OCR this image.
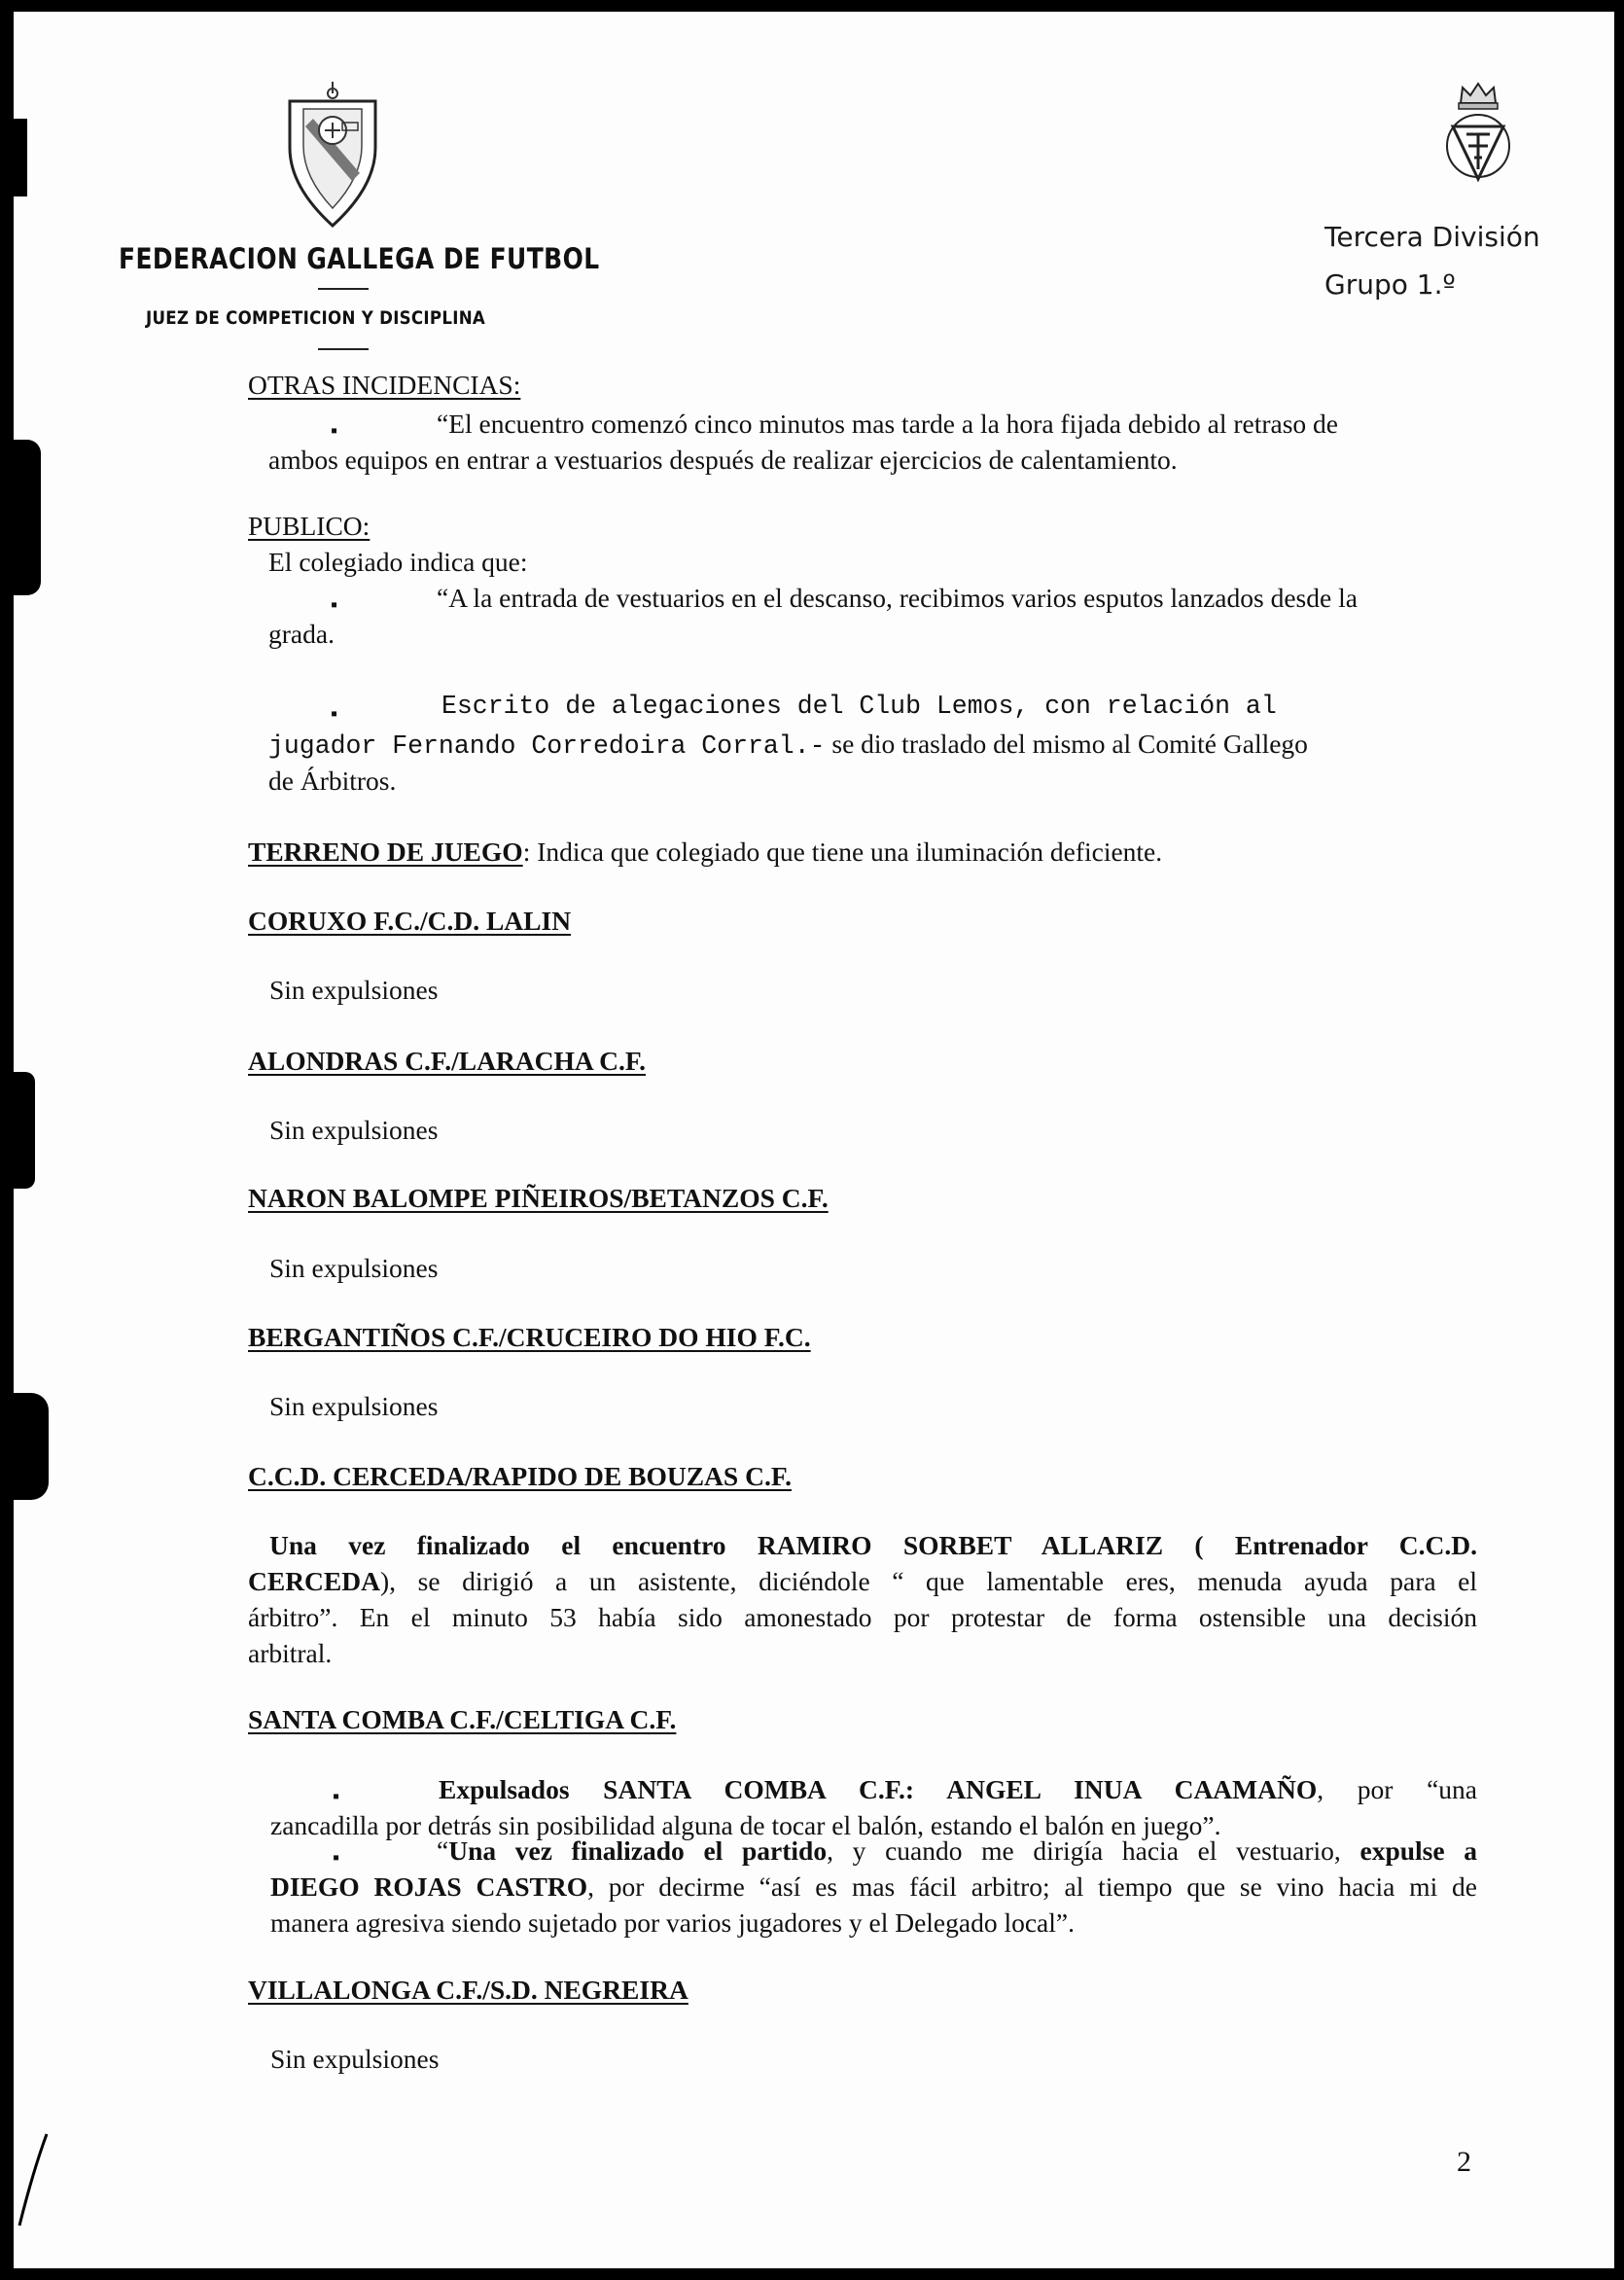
FEDERACION GALLEGA DE FUTBOL
JUEZ DE COMPETICION Y DISCIPLINA
Tercera División
Grupo 1.º
OTRAS INCIDENCIAS:
▪	“El encuentro comenzó cinco minutos mas tarde a la hora fijada debido al retraso de
ambos equipos en entrar a vestuarios después de realizar ejercicios de calentamiento.
PUBLICO:
El colegiado indica que:
▪	“A la entrada de vestuarios en el descanso, recibimos varios esputos lanzados desde la
grada.
▪	Escrito de alegaciones del Club Lemos, con relación al
jugador Fernando Corredoira Corral.- se dio traslado del mismo al Comité Gallego
de Árbitros.
TERRENO DE JUEGO: Indica que colegiado que tiene una iluminación deficiente.
CORUXO F.C./C.D. LALIN
Sin expulsiones
ALONDRAS C.F./LARACHA C.F.
Sin expulsiones
NARON BALOMPE PIÑEIROS/BETANZOS C.F.
Sin expulsiones
BERGANTIÑOS C.F./CRUCEIRO DO HIO F.C.
Sin expulsiones
C.C.D. CERCEDA/RAPIDO DE BOUZAS C.F.
Una vez finalizado el encuentro RAMIRO SORBET ALLARIZ ( Entrenador C.C.D.
CERCEDA), se dirigió a un asistente, diciéndole “ que lamentable eres, menuda ayuda para el
árbitro”. En el minuto 53 había sido amonestado por protestar de forma ostensible una decisión
arbitral.
SANTA COMBA C.F./CELTIGA C.F.
▪	Expulsados SANTA COMBA C.F.: ANGEL INUA CAAMAÑO, por “una
zancadilla por detrás sin posibilidad alguna de tocar el balón, estando el balón en juego”.
▪	“Una vez finalizado el partido, y cuando me dirigía hacia el vestuario, expulse a
DIEGO ROJAS CASTRO, por decirme “así es mas fácil arbitro; al tiempo que se vino hacia mi de
manera agresiva siendo sujetado por varios jugadores y el Delegado local”.
VILLALONGA C.F./S.D. NEGREIRA
Sin expulsiones
2
